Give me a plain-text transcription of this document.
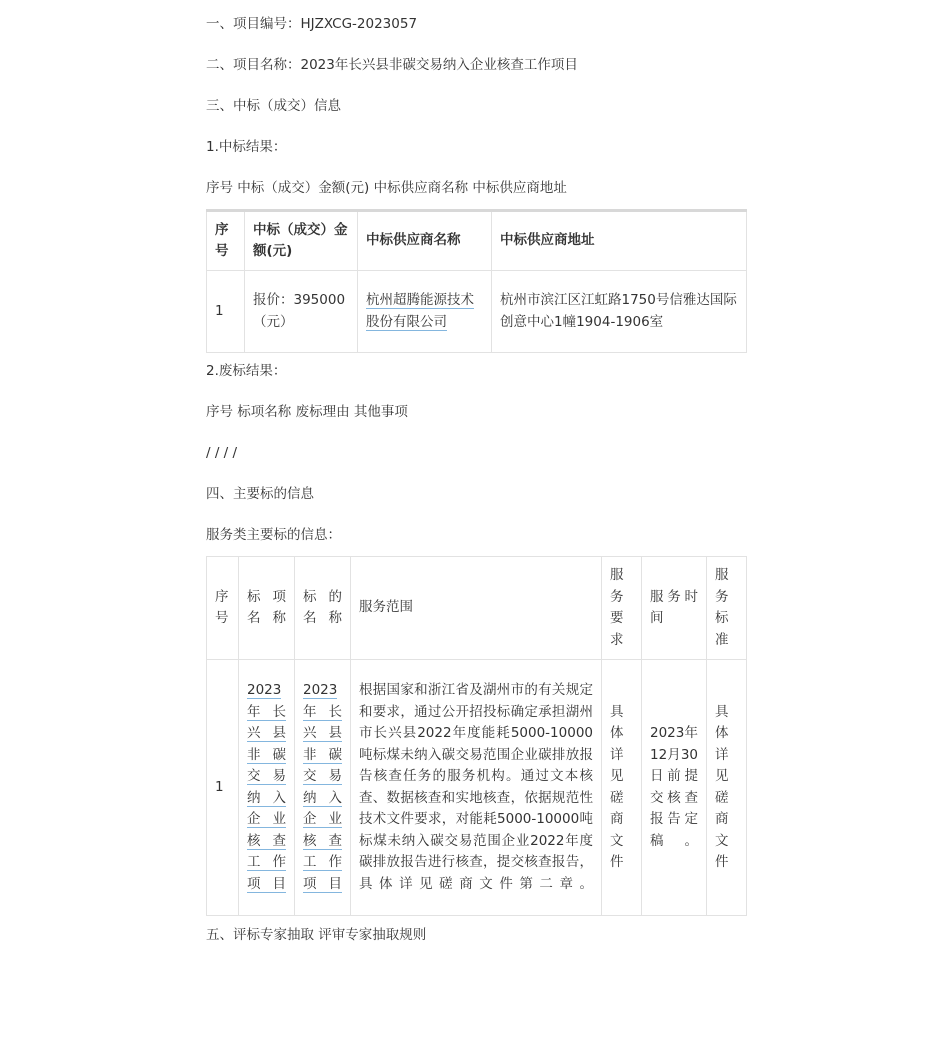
一、项目编号：HJZXCG-2023057
二、项目名称：2023年长兴县非碳交易纳入企业核查工作项目
三、中标（成交）信息
1.中标结果：
序号 中标（成交）金额(元) 中标供应商名称 中标供应商地址
序号	中标（成交）金额(元)	中标供应商名称	中标供应商地址
1	报价：395000（元）	杭州超腾能源技术股份有限公司	杭州市滨江区江虹路1750号信雅达国际创意中心1幢1904-1906室
2.废标结果：
序号 标项名称 废标理由 其他事项
/ / / /
四、主要标的信息
服务类主要标的信息：
序号	标项名称	标的名称	服务范围	服务要求	服务时间	服务标准
1	2023年长兴县非碳交易纳入企业核查工作项目	2023年长兴县非碳交易纳入企业核查工作项目	根据国家和浙江省及湖州市的有关规定和要求，通过公开招投标确定承担湖州市长兴县2022年度能耗5000-10000吨标煤未纳入碳交易范围企业碳排放报告核查任务的服务机构。通过文本核查、数据核查和实地核查，依据规范性技术文件要求，对能耗5000-10000吨标煤未纳入碳交易范围企业2022年度碳排放报告进行核查，提交核查报告，具体详见磋商文件第二章。	具体详见磋商文件	2023年12月30日前提交核查报告定稿。	具体详见磋商文件
五、评标专家抽取 评审专家抽取规则
